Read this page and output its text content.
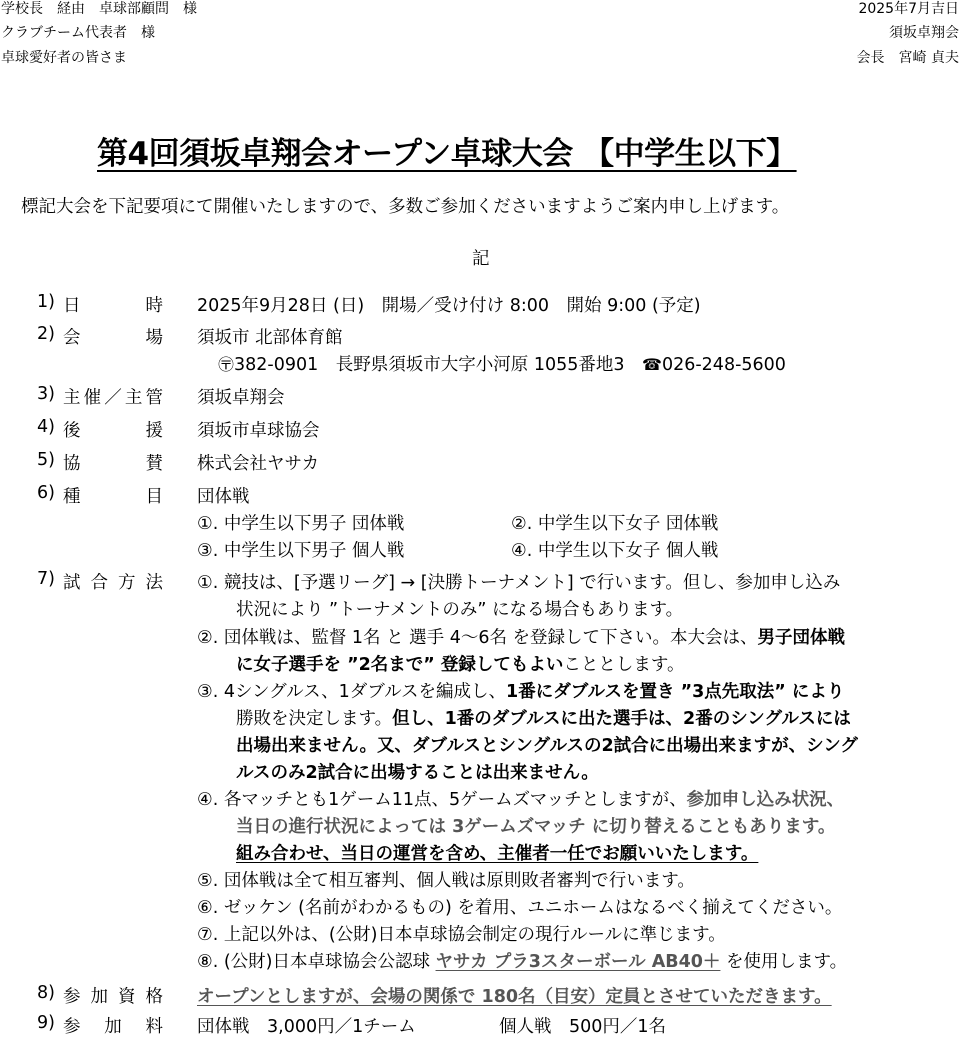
学校長　経由　卓球部顧問　様
クラブチーム代表者　様
卓球愛好者の皆さま
2025年7月吉日
須坂卓翔会
会長　宮崎 貞夫
第4回須坂卓翔会オープン卓球大会 【中学生以下】
標記大会を下記要項にて開催いたしますので、多数ご参加くださいますようご案内申し上げます。
記
1) 日時 2025年9月28日 (日)　開場／受け付け 8:00　開始 9:00 (予定)
2) 会場 須坂市 北部体育館
〶382-0901　長野県須坂市大字小河原 1055番地3　 ☎026-248-5600
3) 主催／主管 須坂卓翔会
4) 後援 須坂市卓球協会
5) 協賛 株式会社ヤサカ
6) 種目 団体戦
①. 中学生以下男子 団体戦	②. 中学生以下女子 団体戦
③. 中学生以下男子 個人戦	④. 中学生以下女子 個人戦
7) 試合方法 ①. 競技は、[予選リーグ] → [決勝トーナメント] で行います。但し、参加申し込み
状況により ”トーナメントのみ” になる場合もあります。
②. 団体戦は、監督 1名 と 選手 4～6名 を登録して下さい。本大会は、男子団体戦
に女子選手を ”2名まで” 登録してもよいこととします。
③. 4シングルス、1ダブルスを編成し、1番にダブルスを置き ”3点先取法” により
勝敗を決定します。但し、1番のダブルスに出た選手は、2番のシングルスには
出場出来ません。又、ダブルスとシングルスの2試合に出場出来ますが、シング
ルスのみ2試合に出場することは出来ません。
④. 各マッチとも1ゲーム11点、5ゲームズマッチとしますが、参加申し込み状況、
当日の進行状況によっては 3ゲームズマッチ に切り替えることもあります。
組み合わせ、当日の運営を含め、主催者一任でお願いいたします。
⑤. 団体戦は全て相互審判、個人戦は原則敗者審判で行います。
⑥. ゼッケン (名前がわかるもの) を着用、ユニホームはなるべく揃えてください。
⑦. 上記以外は、(公財)日本卓球協会制定の現行ルールに準じます。
⑧. (公財)日本卓球協会公認球 ヤサカ プラ3スターボール AB40＋ を使用します。
8) 参加資格 オープンとしますが、会場の関係で 180名（目安）定員とさせていただきます。
9) 参加料 団体戦　3,000円／1チーム	個人戦　500円／1名
